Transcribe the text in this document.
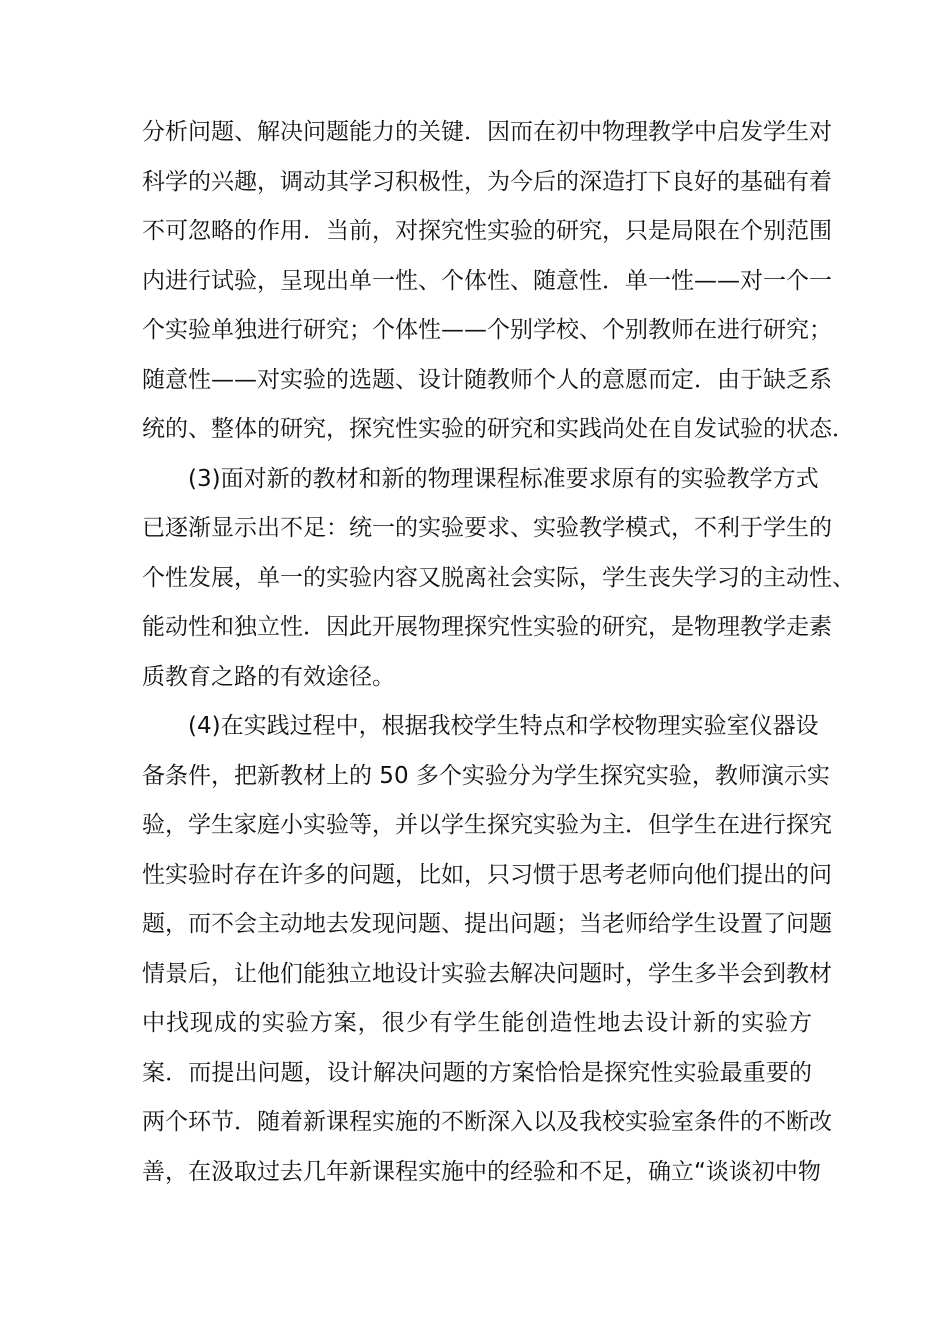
分析问题、解决问题能力的关键．因而在初中物理教学中启发学生对
科学的兴趣，调动其学习积极性，为今后的深造打下良好的基础有着
不可忽略的作用．当前，对探究性实验的研究，只是局限在个别范围
内进行试验，呈现出单一性、个体性、随意性．单一性——对一个一
个实验单独进行研究；个体性——个别学校、个别教师在进行研究；
随意性——对实验的选题、设计随教师个人的意愿而定．由于缺乏系
统的、整体的研究，探究性实验的研究和实践尚处在自发试验的状态．
(3)面对新的教材和新的物理课程标准要求原有的实验教学方式
已逐渐显示出不足：统一的实验要求、实验教学模式，不利于学生的
个性发展，单一的实验内容又脱离社会实际，学生丧失学习的主动性、
能动性和独立性．因此开展物理探究性实验的研究，是物理教学走素
质教育之路的有效途径。
(4)在实践过程中，根据我校学生特点和学校物理实验室仪器设
备条件，把新教材上的 50 多个实验分为学生探究实验，教师演示实
验，学生家庭小实验等，并以学生探究实验为主．但学生在进行探究
性实验时存在许多的问题，比如，只习惯于思考老师向他们提出的问
题，而不会主动地去发现问题、提出问题；当老师给学生设置了问题
情景后，让他们能独立地设计实验去解决问题时，学生多半会到教材
中找现成的实验方案，很少有学生能创造性地去设计新的实验方
案．而提出问题，设计解决问题的方案恰恰是探究性实验最重要的
两个环节．随着新课程实施的不断深入以及我校实验室条件的不断改
善，在汲取过去几年新课程实施中的经验和不足，确立“谈谈初中物
